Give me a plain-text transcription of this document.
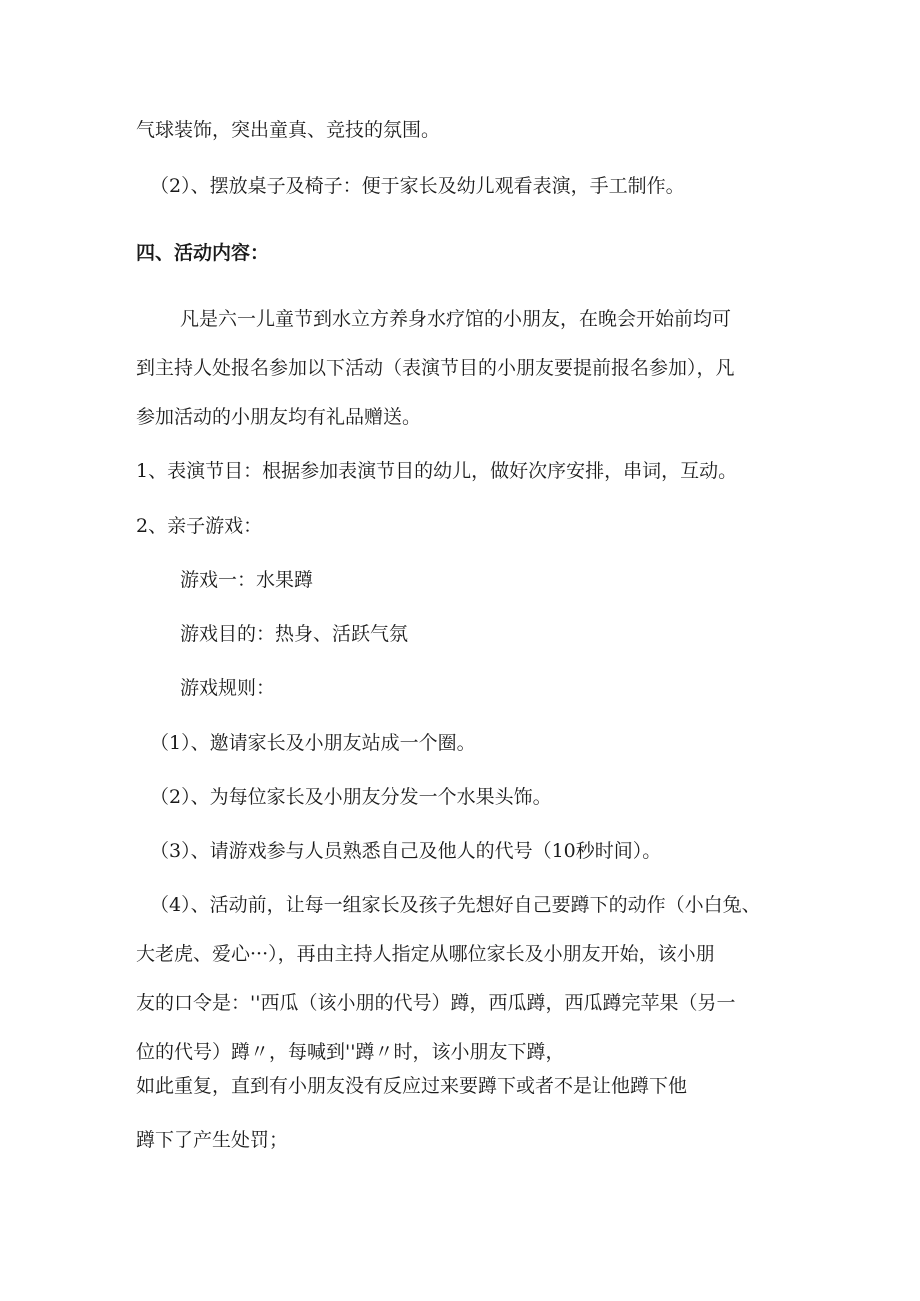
气球装饰，突出童真、竞技的氛围。
（2）、摆放桌子及椅子：便于家长及幼儿观看表演，手工制作。
四、活动内容：
凡是六一儿童节到水立方养身水疗馆的小朋友，在晚会开始前均可
到主持人处报名参加以下活动（表演节目的小朋友要提前报名参加），凡
参加活动的小朋友均有礼品赠送。
1、表演节目：根据参加表演节目的幼儿，做好次序安排，串词，互动。
2、亲子游戏：
游戏一：水果蹲
游戏目的：热身、活跃气氛
游戏规则：
（1）、邀请家长及小朋友站成一个圈。
（2）、为每位家长及小朋友分发一个水果头饰。
（3）、请游戏参与人员熟悉自己及他人的代号（10秒时间）。
（4）、活动前，让每一组家长及孩子先想好自己要蹲下的动作（小白兔、
大老虎、爱心···），再由主持人指定从哪位家长及小朋友开始，该小朋
友的口令是：''西瓜（该小朋的代号）蹲，西瓜蹲，西瓜蹲完苹果（另一
位的代号）蹲〃，每喊到''蹲〃时，该小朋友下蹲，
如此重复，直到有小朋友没有反应过来要蹲下或者不是让他蹲下他
蹲下了产生处罚；
